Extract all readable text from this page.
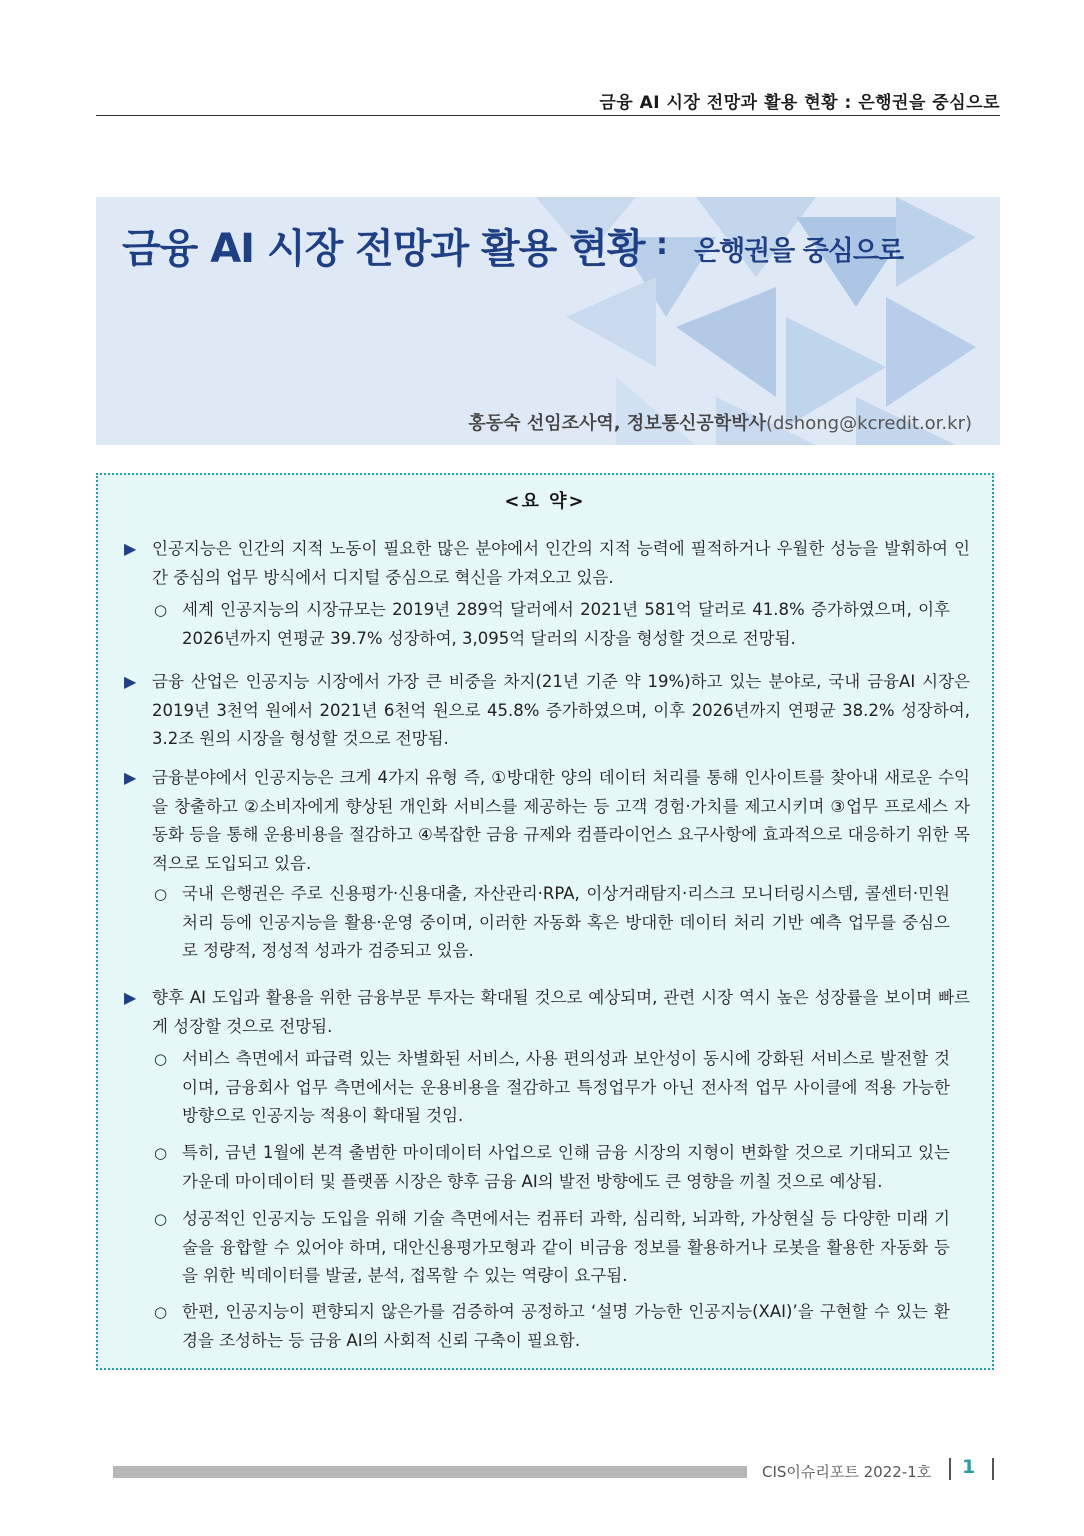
금융 AI 시장 전망과 활용 현황 : 은행권을 중심으로
금융 AI 시장 전망과 활용 현황 : 은행권을 중심으로
홍동숙 선임조사역, 정보통신공학박사(dshong@kcredit.or.kr)
<요 약>
▶ 인공지능은 인간의 지적 노동이 필요한 많은 분야에서 인간의 지적 능력에 필적하거나 우월한 성능을 발휘하여 인간 중심의 업무 방식에서 디지털 중심으로 혁신을 가져오고 있음.
○ 세계 인공지능의 시장규모는 2019년 289억 달러에서 2021년 581억 달러로 41.8% 증가하였으며, 이후 2026년까지 연평균 39.7% 성장하여, 3,095억 달러의 시장을 형성할 것으로 전망됨.
▶ 금융 산업은 인공지능 시장에서 가장 큰 비중을 차지(21년 기준 약 19%)하고 있는 분야로, 국내 금융AI 시장은 2019년 3천억 원에서 2021년 6천억 원으로 45.8% 증가하였으며, 이후 2026년까지 연평균 38.2% 성장하여, 3.2조 원의 시장을 형성할 것으로 전망됨.
▶ 금융분야에서 인공지능은 크게 4가지 유형 즉, ①방대한 양의 데이터 처리를 통해 인사이트를 찾아내 새로운 수익을 창출하고 ②소비자에게 향상된 개인화 서비스를 제공하는 등 고객 경험·가치를 제고시키며 ③업무 프로세스 자동화 등을 통해 운용비용을 절감하고 ④복잡한 금융 규제와 컴플라이언스 요구사항에 효과적으로 대응하기 위한 목적으로 도입되고 있음.
○ 국내 은행권은 주로 신용평가·신용대출, 자산관리·RPA, 이상거래탐지·리스크 모니터링시스템, 콜센터·민원처리 등에 인공지능을 활용·운영 중이며, 이러한 자동화 혹은 방대한 데이터 처리 기반 예측 업무를 중심으로 정량적, 정성적 성과가 검증되고 있음.
▶ 향후 AI 도입과 활용을 위한 금융부문 투자는 확대될 것으로 예상되며, 관련 시장 역시 높은 성장률을 보이며 빠르게 성장할 것으로 전망됨.
○ 서비스 측면에서 파급력 있는 차별화된 서비스, 사용 편의성과 보안성이 동시에 강화된 서비스로 발전할 것이며, 금융회사 업무 측면에서는 운용비용을 절감하고 특정업무가 아닌 전사적 업무 사이클에 적용 가능한 방향으로 인공지능 적용이 확대될 것임.
○ 특히, 금년 1월에 본격 출범한 마이데이터 사업으로 인해 금융 시장의 지형이 변화할 것으로 기대되고 있는 가운데 마이데이터 및 플랫폼 시장은 향후 금융 AI의 발전 방향에도 큰 영향을 끼칠 것으로 예상됨.
○ 성공적인 인공지능 도입을 위해 기술 측면에서는 컴퓨터 과학, 심리학, 뇌과학, 가상현실 등 다양한 미래 기술을 융합할 수 있어야 하며, 대안신용평가모형과 같이 비금융 정보를 활용하거나 로봇을 활용한 자동화 등을 위한 빅데이터를 발굴, 분석, 접목할 수 있는 역량이 요구됨.
○ 한편, 인공지능이 편향되지 않은가를 검증하여 공정하고 ‘설명 가능한 인공지능(XAI)’을 구현할 수 있는 환경을 조성하는 등 금융 AI의 사회적 신뢰 구축이 필요함.
CIS이슈리포트 2022-1호 1
